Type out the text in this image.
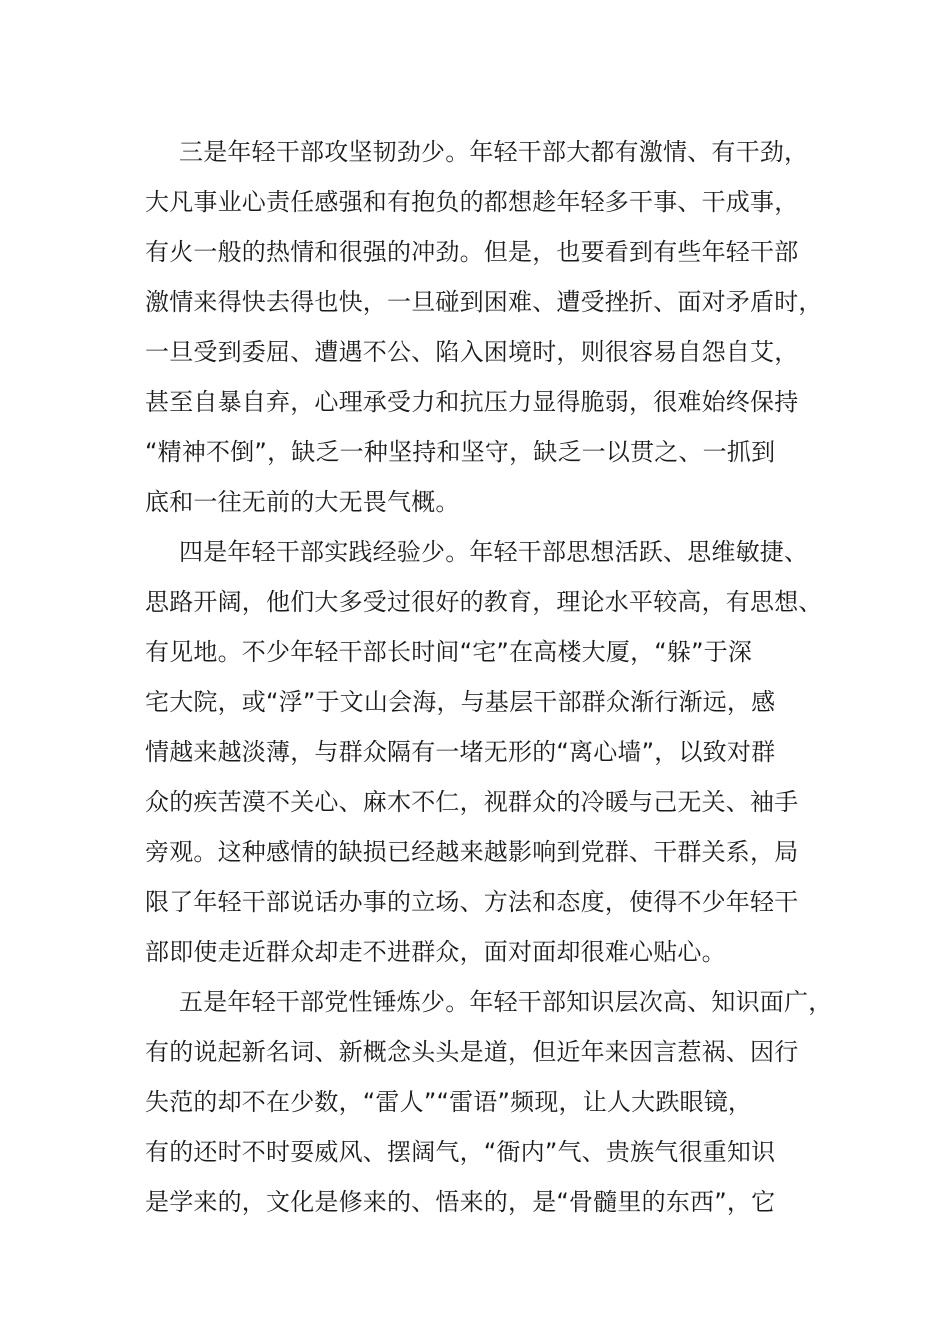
三是年轻干部攻坚韧劲少。年轻干部大都有激情、有干劲，
大凡事业心责任感强和有抱负的都想趁年轻多干事、干成事，
有火一般的热情和很强的冲劲。但是，也要看到有些年轻干部
激情来得快去得也快，一旦碰到困难、遭受挫折、面对矛盾时，
一旦受到委屈、遭遇不公、陷入困境时，则很容易自怨自艾，
甚至自暴自弃，心理承受力和抗压力显得脆弱，很难始终保持
“精神不倒”，缺乏一种坚持和坚守，缺乏一以贯之、一抓到
底和一往无前的大无畏气概。
四是年轻干部实践经验少。年轻干部思想活跃、思维敏捷、
思路开阔，他们大多受过很好的教育，理论水平较高，有思想、
有见地。不少年轻干部长时间“宅”在高楼大厦，“躲”于深
宅大院，或“浮”于文山会海，与基层干部群众渐行渐远，感
情越来越淡薄，与群众隔有一堵无形的“离心墙”，以致对群
众的疾苦漠不关心、麻木不仁，视群众的冷暖与己无关、袖手
旁观。这种感情的缺损已经越来越影响到党群、干群关系，局
限了年轻干部说话办事的立场、方法和态度，使得不少年轻干
部即使走近群众却走不进群众，面对面却很难心贴心。
五是年轻干部党性锤炼少。年轻干部知识层次高、知识面广，
有的说起新名词、新概念头头是道，但近年来因言惹祸、因行
失范的却不在少数，“雷人”“雷语”频现，让人大跌眼镜，
有的还时不时耍威风、摆阔气，“衙内”气、贵族气很重知识
是学来的，文化是修来的、悟来的，是“骨髓里的东西”，它
